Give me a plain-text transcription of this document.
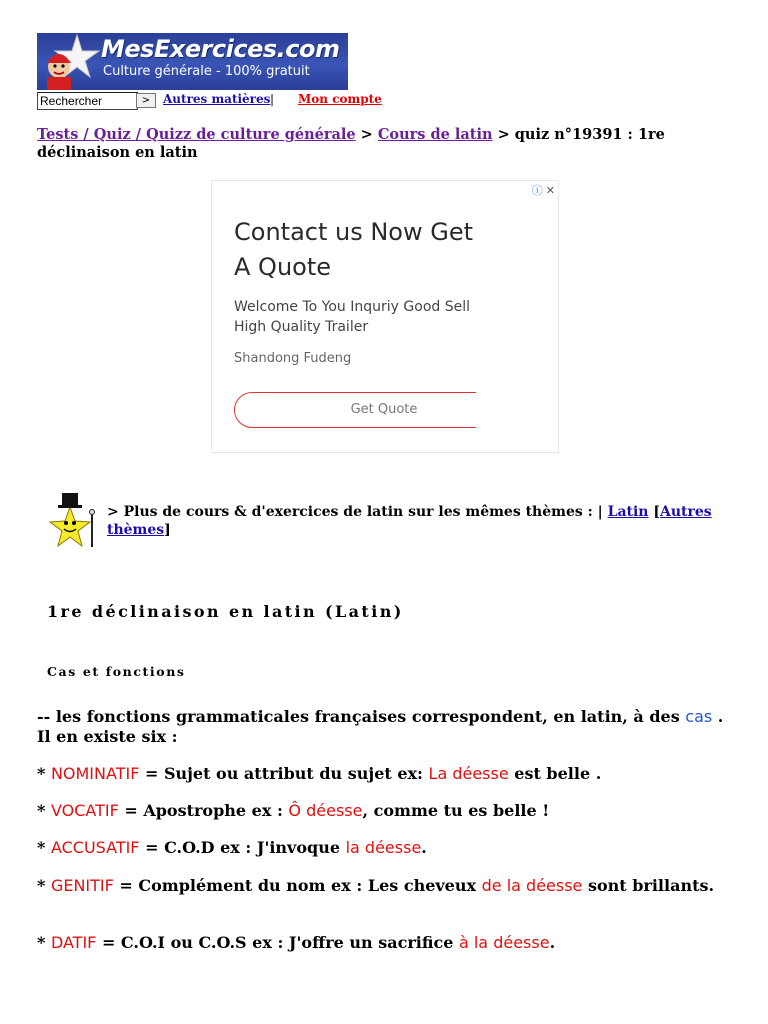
MesExercices.com
Culture générale - 100% gratuit
Rechercher
>	Autres matières | Mon compte
Tests / Quiz / Quizz de culture générale > Cours de latin > quiz n°19391 : 1re déclinaison en latin
Contact us Now Get
A Quote
Welcome To You Inquriy Good Sell
High Quality Trailer
Shandong Fudeng
Get Quote
ⓘ ✕
> Plus de cours & d'exercices de latin sur les mêmes thèmes : | Latin [Autres thèmes]
1re déclinaison en latin (Latin)
Cas et fonctions
-- les fonctions grammaticales françaises correspondent, en latin, à des cas . Il en existe six :
* NOMINATIF = Sujet ou attribut du sujet ex: La déesse est belle .
* VOCATIF = Apostrophe ex : Ô déesse, comme tu es belle !
* ACCUSATIF = C.O.D ex : J'invoque la déesse.
* GENITIF = Complément du nom ex : Les cheveux de la déesse sont brillants.
* DATIF = C.O.I ou C.O.S ex : J'offre un sacrifice à la déesse.
